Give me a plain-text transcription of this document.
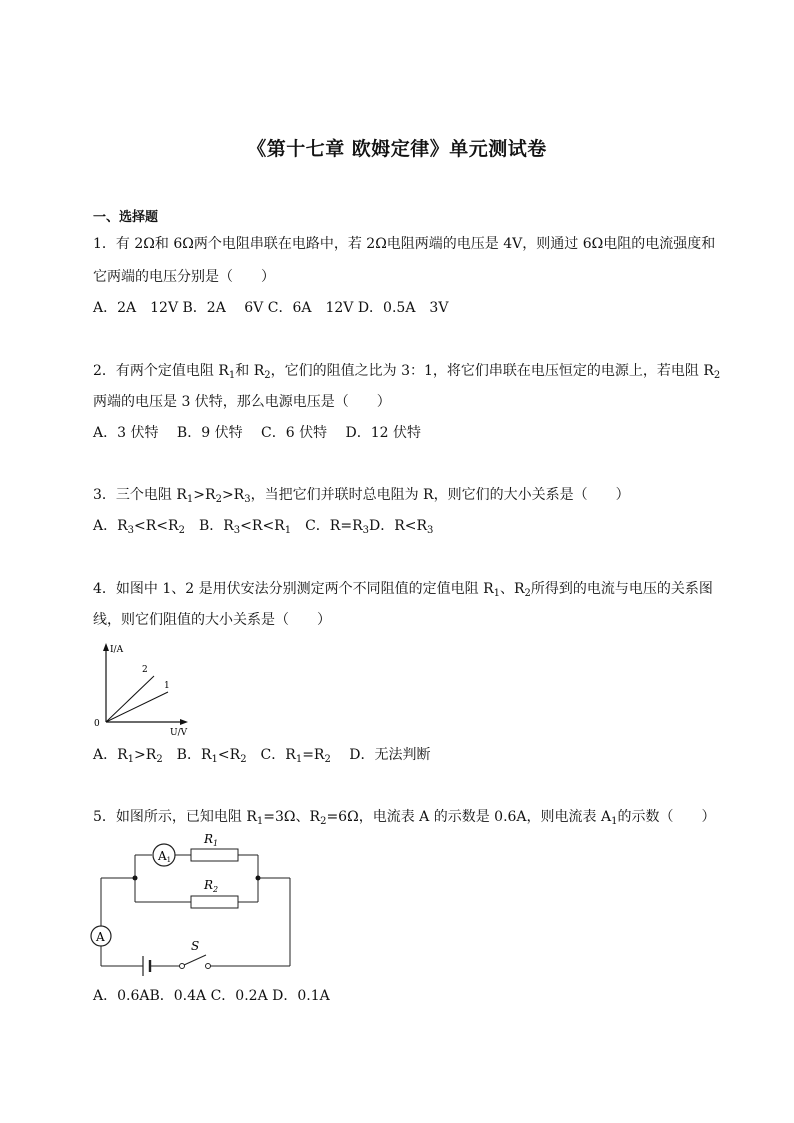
《第十七章 欧姆定律》单元测试卷
一、选择题
1．有 2Ω和 6Ω两个电阻串联在电路中，若 2Ω电阻两端的电压是 4V，则通过 6Ω电阻的电流强度和
它两端的电压分别是（　　）
A．2A　12V B．2A　 6V C．6A　12V D．0.5A　3V
2．有两个定值电阻 $R_1$和 $R_2$，它们的阻值之比为 3：1，将它们串联在电压恒定的电源上，若电阻 $R_2$
两端的电压是 3 伏特，那么电源电压是（　　）
A．3 伏特　 B．9 伏特　 C．6 伏特　 D．12 伏特
3．三个电阻 $R_1>R_2>R_3$，当把它们并联时总电阻为 R，则它们的大小关系是（　　）
A．$R_3<R<R_2$　B．$R_3<R<R_1$　C．$R=R_3D$．$R<R_3$
4．如图中 1、2 是用伏安法分别测定两个不同阻值的定值电阻 $R_1$、$R_2$所得到的电流与电压的关系图
线，则它们阻值的大小关系是（　　）
I/A
U/V
0
2
1
A．$R_1>R_2$　B．$R_1<R_2$　C．$R_1=R_2$　 D．无法判断
5．如图所示，已知电阻 $R_1=3\Omega$、$R_2=6\Omega$，电流表 A 的示数是 0.6A，则电流表 $A_1$的示数（　　）
A1
$R_1$
$R_2$
A
S
A．0.6AB．0.4A C．0.2A D．0.1A
